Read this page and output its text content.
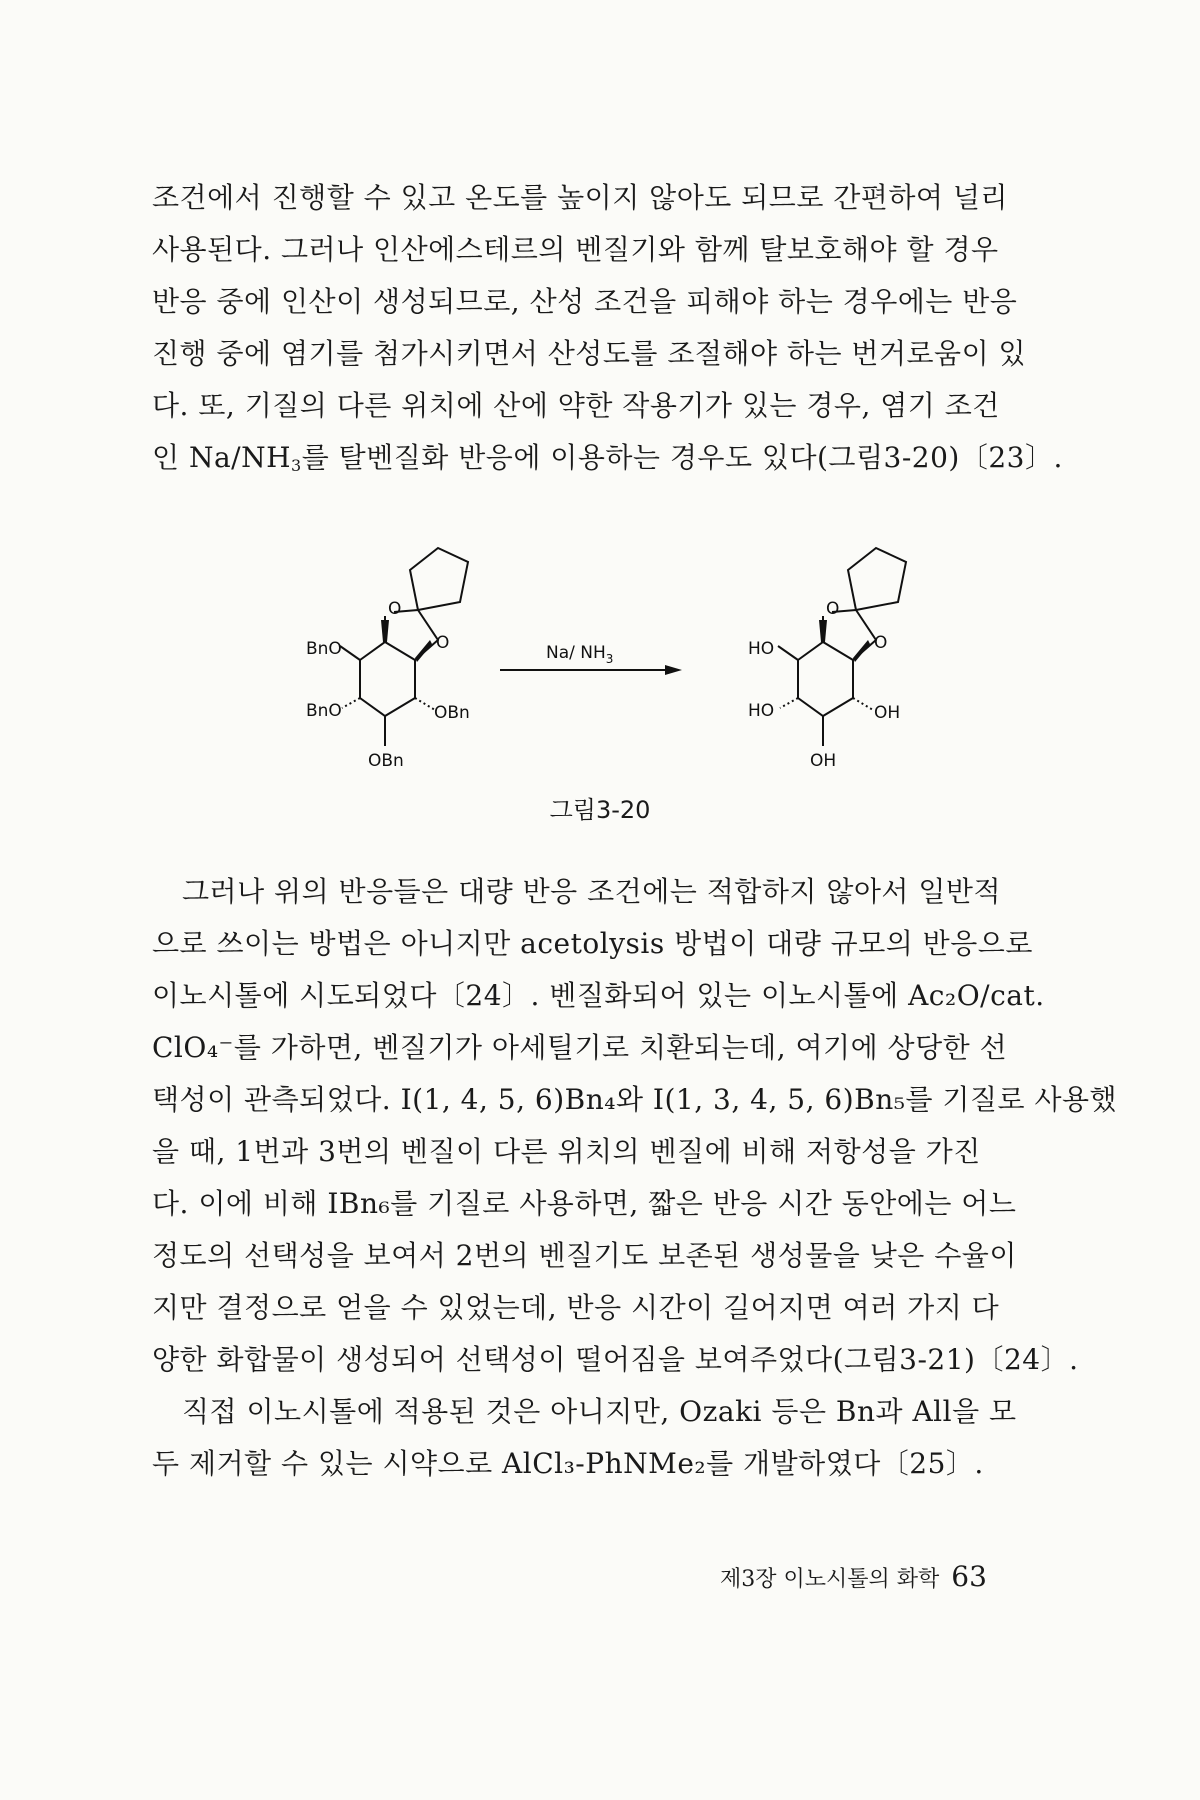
조건에서 진행할 수 있고 온도를 높이지 않아도 되므로 간편하여 널리
사용된다. 그러나 인산에스테르의 벤질기와 함께 탈보호해야 할 경우
반응 중에 인산이 생성되므로, 산성 조건을 피해야 하는 경우에는 반응
진행 중에 염기를 첨가시키면서 산성도를 조절해야 하는 번거로움이 있
다. 또, 기질의 다른 위치에 산에 약한 작용기가 있는 경우, 염기 조건
인 $Na/NH_3$를 탈벤질화 반응에 이용하는 경우도 있다(그림3-20)〔23〕.
O
O
BnO
BnO	OBn
OBn
O
O
HO
HO	OH
OH
Na/ $NH_3$
그림3-20
그러나 위의 반응들은 대량 반응 조건에는 적합하지 않아서 일반적
으로 쓰이는 방법은 아니지만 acetolysis 방법이 대량 규모의 반응으로
이노시톨에 시도되었다〔24〕. 벤질화되어 있는 이노시톨에 Ac₂O/cat.
ClO₄⁻를 가하면, 벤질기가 아세틸기로 치환되는데, 여기에 상당한 선
택성이 관측되었다. I(1, 4, 5, 6)Bn₄와 I(1, 3, 4, 5, 6)Bn₅를 기질로 사용했
을 때, 1번과 3번의 벤질이 다른 위치의 벤질에 비해 저항성을 가진
다. 이에 비해 IBn₆를 기질로 사용하면, 짧은 반응 시간 동안에는 어느
정도의 선택성을 보여서 2번의 벤질기도 보존된 생성물을 낮은 수율이
지만 결정으로 얻을 수 있었는데, 반응 시간이 길어지면 여러 가지 다
양한 화합물이 생성되어 선택성이 떨어짐을 보여주었다(그림3-21)〔24〕.
직접 이노시톨에 적용된 것은 아니지만, Ozaki 등은 Bn과 All을 모
두 제거할 수 있는 시약으로 AlCl₃-PhNMe₂를 개발하였다〔25〕.
제3장 이노시톨의 화학 63
